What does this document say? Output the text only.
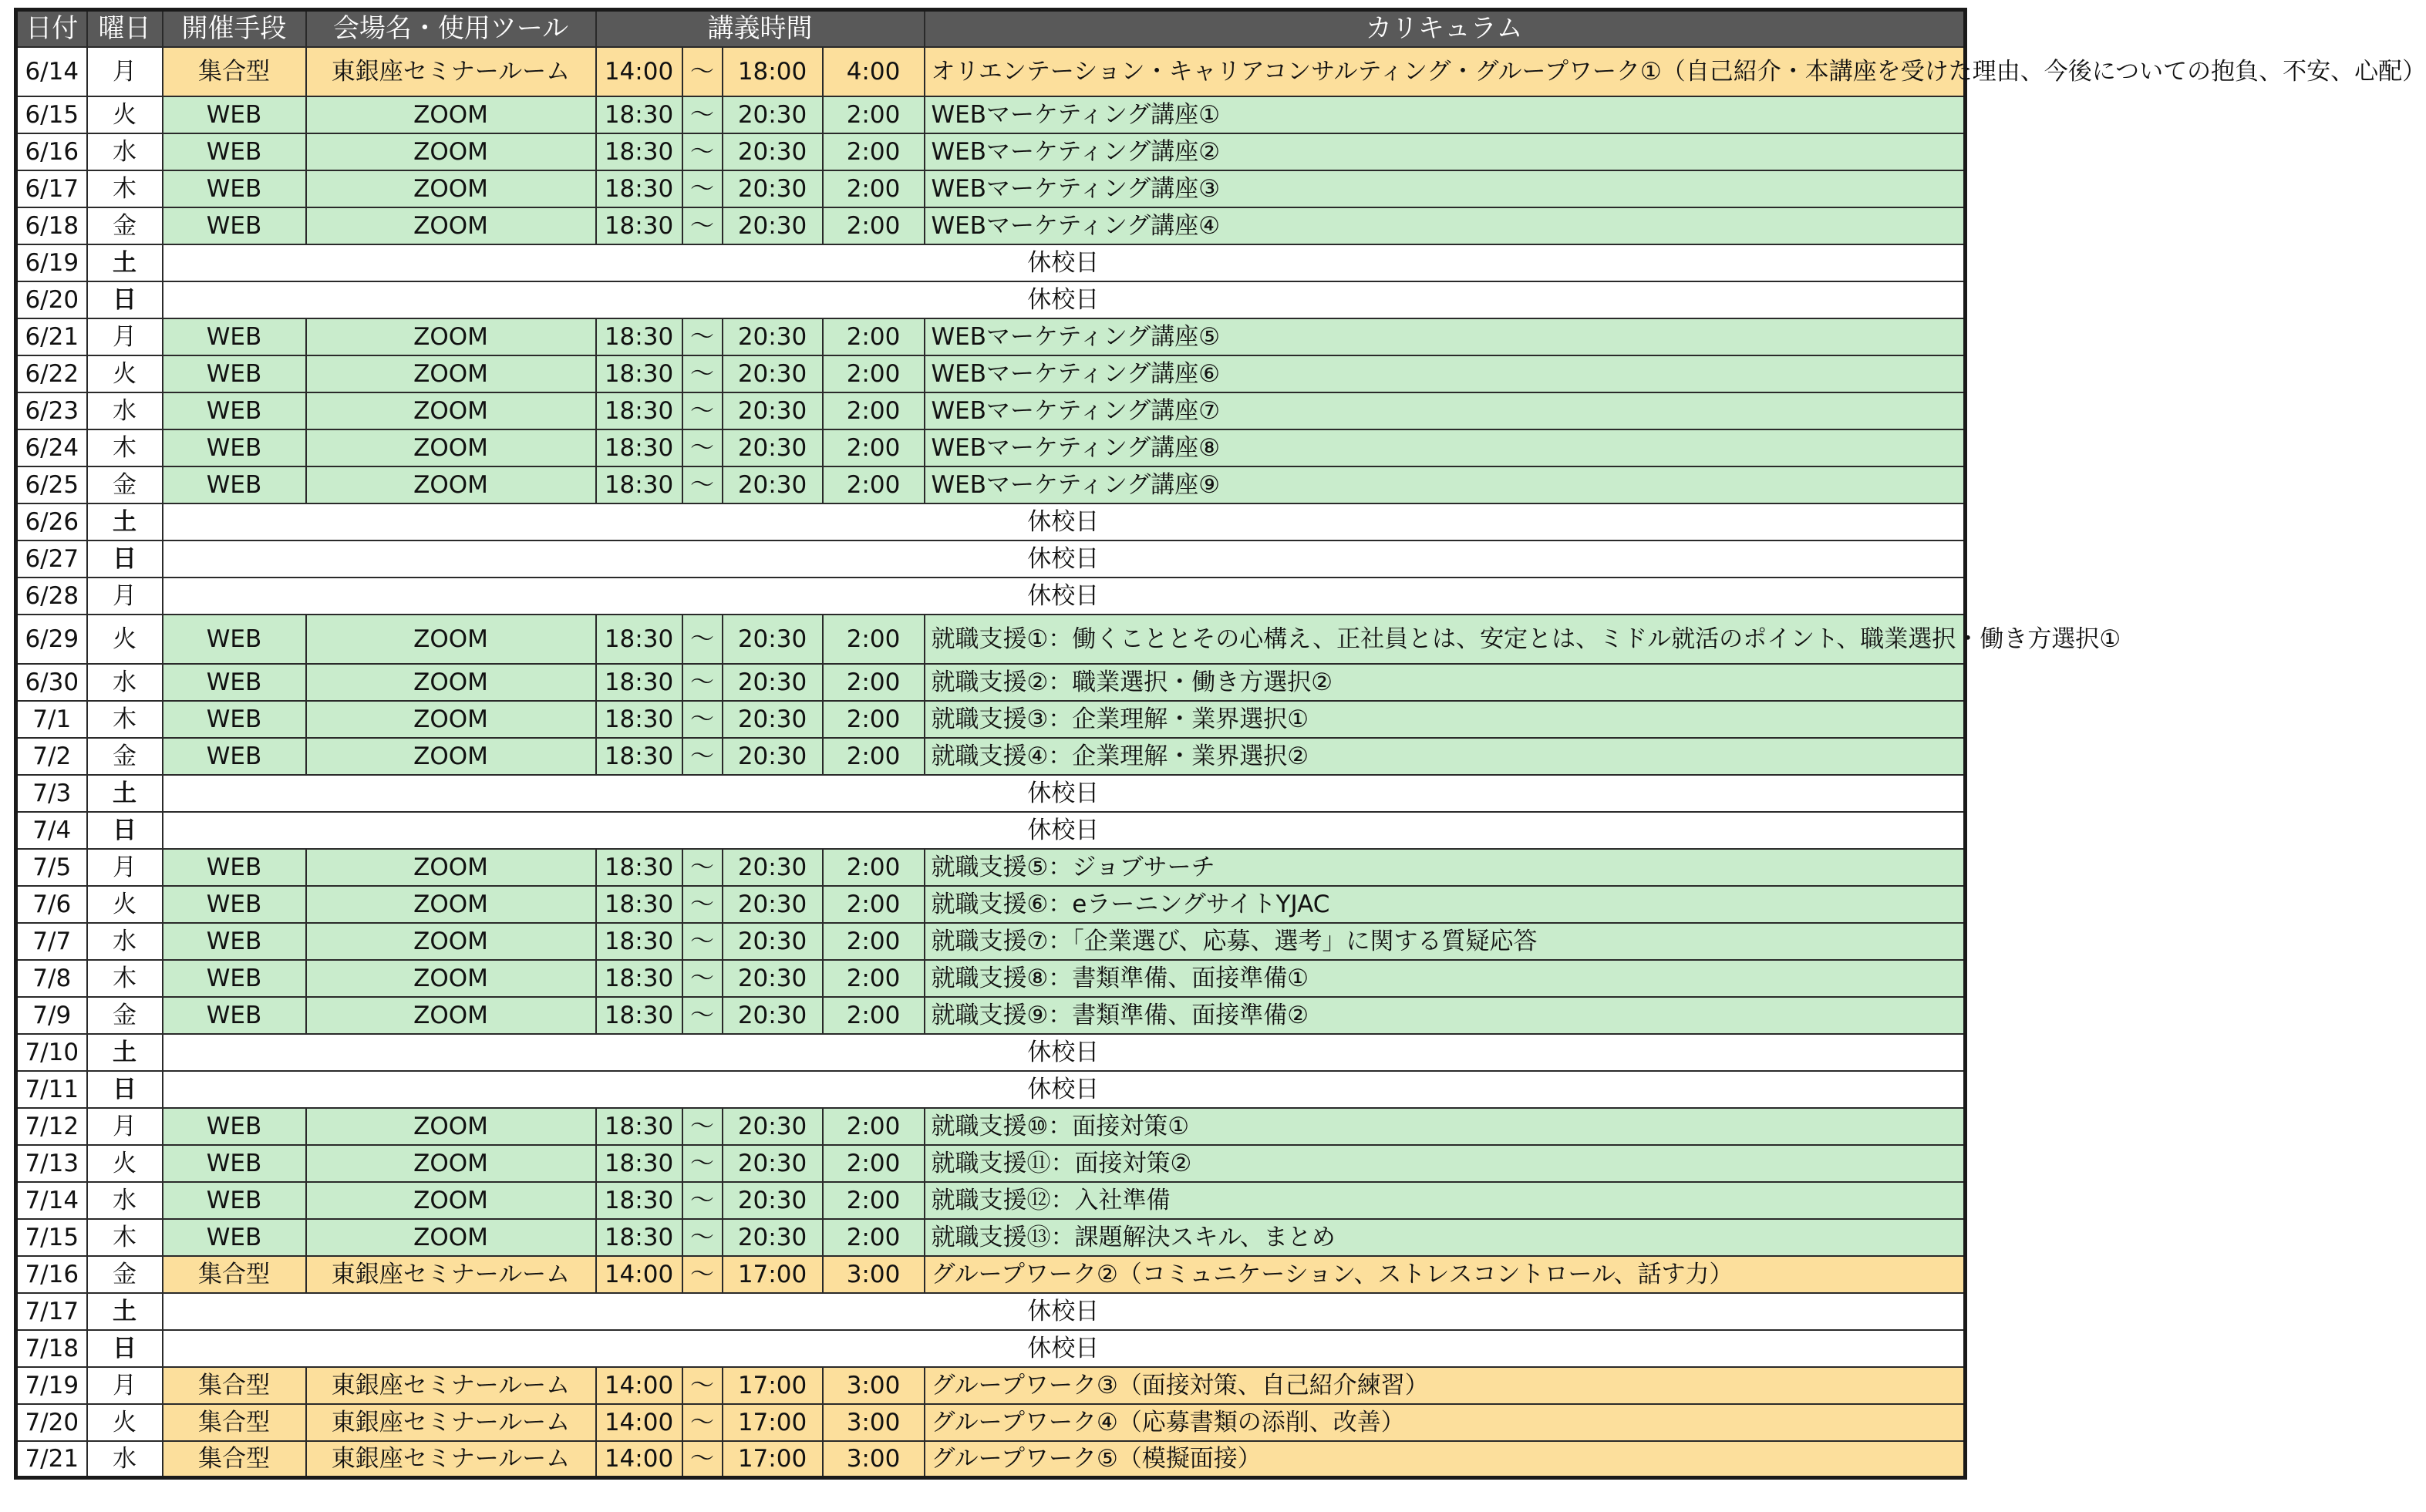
日付	曜日	開催手段	会場名・使用ツール	講義時間				カリキュラム
6/14	月	集合型	東銀座セミナールーム	14:00	～	18:00	4:00	オリエンテーション・キャリアコンサルティング・グループワーク①（自己紹介・本講座を受けた理由、今後についての抱負、不安、心配）
6/15	火	WEB	ZOOM	18:30	～	20:30	2:00	WEBマーケティング講座①
6/16	水	WEB	ZOOM	18:30	～	20:30	2:00	WEBマーケティング講座②
6/17	木	WEB	ZOOM	18:30	～	20:30	2:00	WEBマーケティング講座③
6/18	金	WEB	ZOOM	18:30	～	20:30	2:00	WEBマーケティング講座④
6/19	土	休校日						
6/20	日	休校日						
6/21	月	WEB	ZOOM	18:30	～	20:30	2:00	WEBマーケティング講座⑤
6/22	火	WEB	ZOOM	18:30	～	20:30	2:00	WEBマーケティング講座⑥
6/23	水	WEB	ZOOM	18:30	～	20:30	2:00	WEBマーケティング講座⑦
6/24	木	WEB	ZOOM	18:30	～	20:30	2:00	WEBマーケティング講座⑧
6/25	金	WEB	ZOOM	18:30	～	20:30	2:00	WEBマーケティング講座⑨
6/26	土	休校日						
6/27	日	休校日						
6/28	月	休校日						
6/29	火	WEB	ZOOM	18:30	～	20:30	2:00	就職支援①：働くこととその心構え、正社員とは、安定とは、ミドル就活のポイント、職業選択・働き方選択①
6/30	水	WEB	ZOOM	18:30	～	20:30	2:00	就職支援②：職業選択・働き方選択②
7/1	木	WEB	ZOOM	18:30	～	20:30	2:00	就職支援③：企業理解・業界選択①
7/2	金	WEB	ZOOM	18:30	～	20:30	2:00	就職支援④：企業理解・業界選択②
7/3	土	休校日						
7/4	日	休校日						
7/5	月	WEB	ZOOM	18:30	～	20:30	2:00	就職支援⑤：ジョブサーチ
7/6	火	WEB	ZOOM	18:30	～	20:30	2:00	就職支援⑥：eラーニングサイトYJAC
7/7	水	WEB	ZOOM	18:30	～	20:30	2:00	就職支援⑦：「企業選び、応募、選考」に関する質疑応答
7/8	木	WEB	ZOOM	18:30	～	20:30	2:00	就職支援⑧：書類準備、面接準備①
7/9	金	WEB	ZOOM	18:30	～	20:30	2:00	就職支援⑨：書類準備、面接準備②
7/10	土	休校日						
7/11	日	休校日						
7/12	月	WEB	ZOOM	18:30	～	20:30	2:00	就職支援⑩：面接対策①
7/13	火	WEB	ZOOM	18:30	～	20:30	2:00	就職支援⑪：面接対策②
7/14	水	WEB	ZOOM	18:30	～	20:30	2:00	就職支援⑫：入社準備
7/15	木	WEB	ZOOM	18:30	～	20:30	2:00	就職支援⑬：課題解決スキル、まとめ
7/16	金	集合型	東銀座セミナールーム	14:00	～	17:00	3:00	グループワーク②（コミュニケーション、ストレスコントロール、話す力）
7/17	土	休校日						
7/18	日	休校日						
7/19	月	集合型	東銀座セミナールーム	14:00	～	17:00	3:00	グループワーク③（面接対策、自己紹介練習）
7/20	火	集合型	東銀座セミナールーム	14:00	～	17:00	3:00	グループワーク④（応募書類の添削、改善）
7/21	水	集合型	東銀座セミナールーム	14:00	～	17:00	3:00	グループワーク⑤（模擬面接）
